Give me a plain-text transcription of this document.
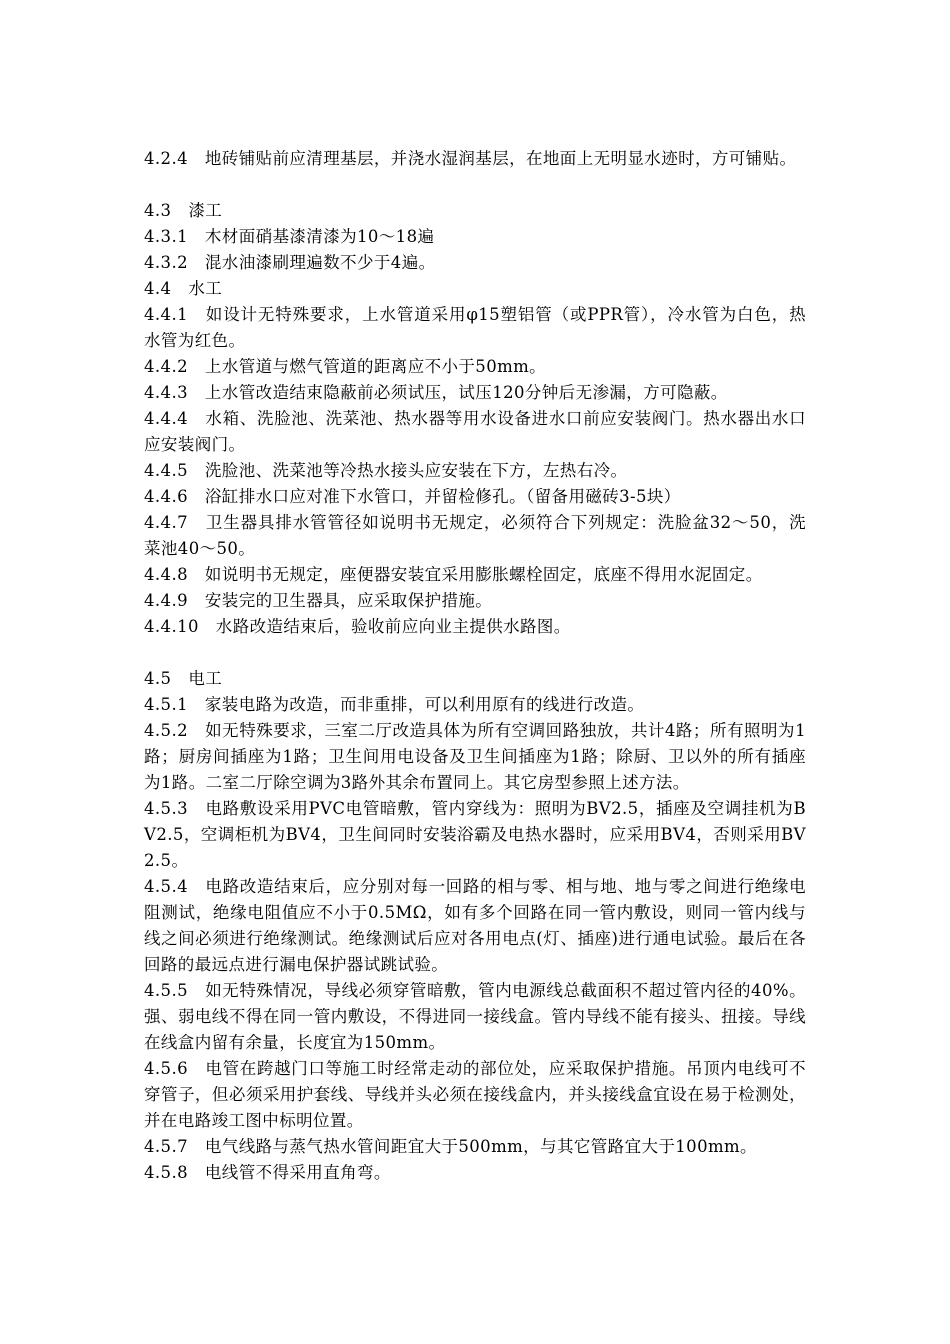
4.2.4　 地砖铺贴前应清理基层，并浇水湿润基层，在地面上无明显水迹时，方可铺贴。

4.3　 漆工

4.3.1　 木材面硝基漆清漆为10～18遍

4.3.2　 混水油漆刷理遍数不少于4遍。

4.4　 水工

4.4.1　 如设计无特殊要求，上水管道采用φ15塑铝管（或PPR管），冷水管为白色，热水管为红色。

4.4.2　 上水管道与燃气管道的距离应不小于50mm。

4.4.3　 上水管改造结束隐蔽前必须试压，试压120分钟后无渗漏，方可隐蔽。

4.4.4　 水箱、洗脸池、洗菜池、热水器等用水设备进水口前应安装阀门。热水器出水口应安装阀门。

4.4.5　 洗脸池、洗菜池等冷热水接头应安装在下方，左热右冷。

4.4.6　 浴缸排水口应对准下水管口，并留检修孔。（留备用磁砖3-5块）

4.4.7　 卫生器具排水管管径如说明书无规定，必须符合下列规定：洗脸盆32～50，洗菜池40～50。

4.4.8　 如说明书无规定，座便器安装宜采用膨胀螺栓固定，底座不得用水泥固定。

4.4.9　 安装完的卫生器具，应采取保护措施。

4.4.10　 水路改造结束后，验收前应向业主提供水路图。

4.5　 电工

4.5.1　 家装电路为改造，而非重排，可以利用原有的线进行改造。

4.5.2　 如无特殊要求，三室二厅改造具体为所有空调回路独放，共计4路；所有照明为1路；厨房间插座为1路；卫生间用电设备及卫生间插座为1路；除厨、卫以外的所有插座为1路。二室二厅除空调为3路外其余布置同上。其它房型参照上述方法。

4.5.3　 电路敷设采用PVC电管暗敷，管内穿线为：照明为BV2.5，插座及空调挂机为BV2.5，空调柜机为BV4，卫生间同时安装浴霸及电热水器时，应采用BV4，否则采用BV2.5。

4.5.4　 电路改造结束后，应分别对每一回路的相与零、相与地、地与零之间进行绝缘电阻测试，绝缘电阻值应不小于0.5MΩ，如有多个回路在同一管内敷设，则同一管内线与线之间必须进行绝缘测试。绝缘测试后应对各用电点(灯、插座)进行通电试验。最后在各回路的最远点进行漏电保护器试跳试验。

4.5.5　 如无特殊情况，导线必须穿管暗敷，管内电源线总截面积不超过管内径的40%。强、弱电线不得在同一管内敷设，不得进同一接线盒。管内导线不能有接头、扭接。导线在线盒内留有余量，长度宜为150mm。

4.5.6　 电管在跨越门口等施工时经常走动的部位处，应采取保护措施。吊顶内电线可不穿管子，但必须采用护套线、导线并头必须在接线盒内，并头接线盒宜设在易于检测处，并在电路竣工图中标明位置。

4.5.7　 电气线路与蒸气热水管间距宜大于500mm，与其它管路宜大于100mm。

4.5.8　 电线管不得采用直角弯。
